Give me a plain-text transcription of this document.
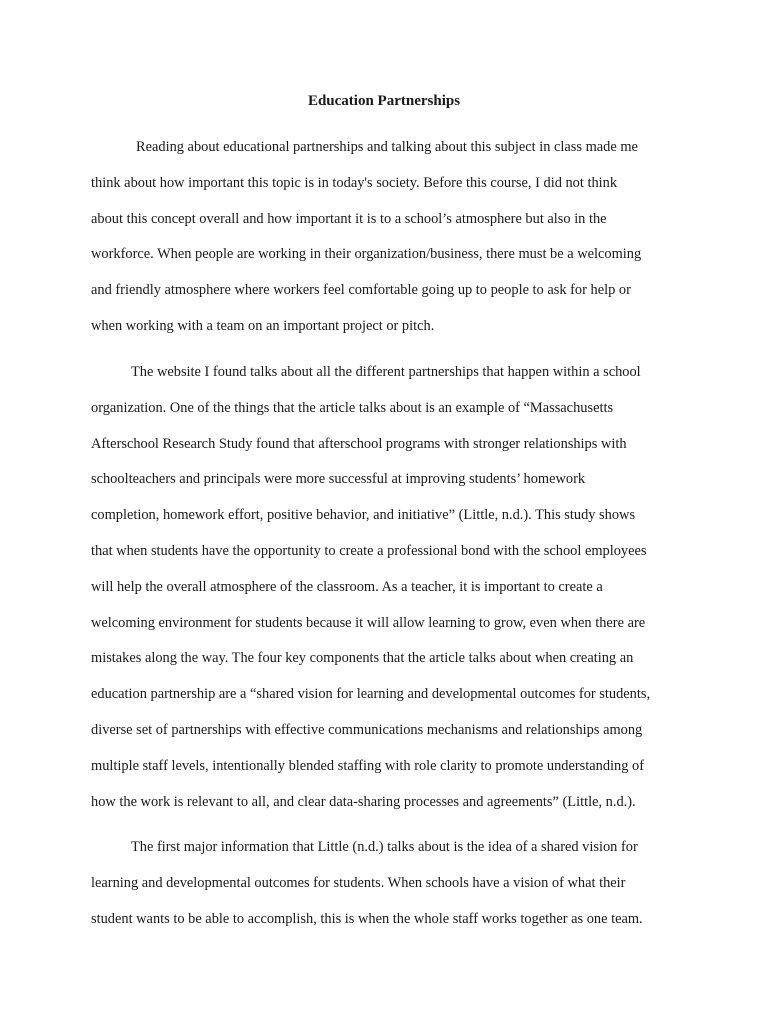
Education Partnerships

Reading about educational partnerships and talking about this subject in class made me
think about how important this topic is in today's society. Before this course, I did not think
about this concept overall and how important it is to a school’s atmosphere but also in the
workforce. When people are working in their organization/business, there must be a welcoming
and friendly atmosphere where workers feel comfortable going up to people to ask for help or
when working with a team on an important project or pitch.

The website I found talks about all the different partnerships that happen within a school
organization. One of the things that the article talks about is an example of “Massachusetts
Afterschool Research Study found that afterschool programs with stronger relationships with
schoolteachers and principals were more successful at improving students’ homework
completion, homework effort, positive behavior, and initiative” (Little, n.d.). This study shows
that when students have the opportunity to create a professional bond with the school employees
will help the overall atmosphere of the classroom. As a teacher, it is important to create a
welcoming environment for students because it will allow learning to grow, even when there are
mistakes along the way. The four key components that the article talks about when creating an
education partnership are a “shared vision for learning and developmental outcomes for students,
diverse set of partnerships with effective communications mechanisms and relationships among
multiple staff levels, intentionally blended staffing with role clarity to promote understanding of
how the work is relevant to all, and clear data-sharing processes and agreements” (Little, n.d.).

The first major information that Little (n.d.) talks about is the idea of a shared vision for
learning and developmental outcomes for students. When schools have a vision of what their
student wants to be able to accomplish, this is when the whole staff works together as one team.
